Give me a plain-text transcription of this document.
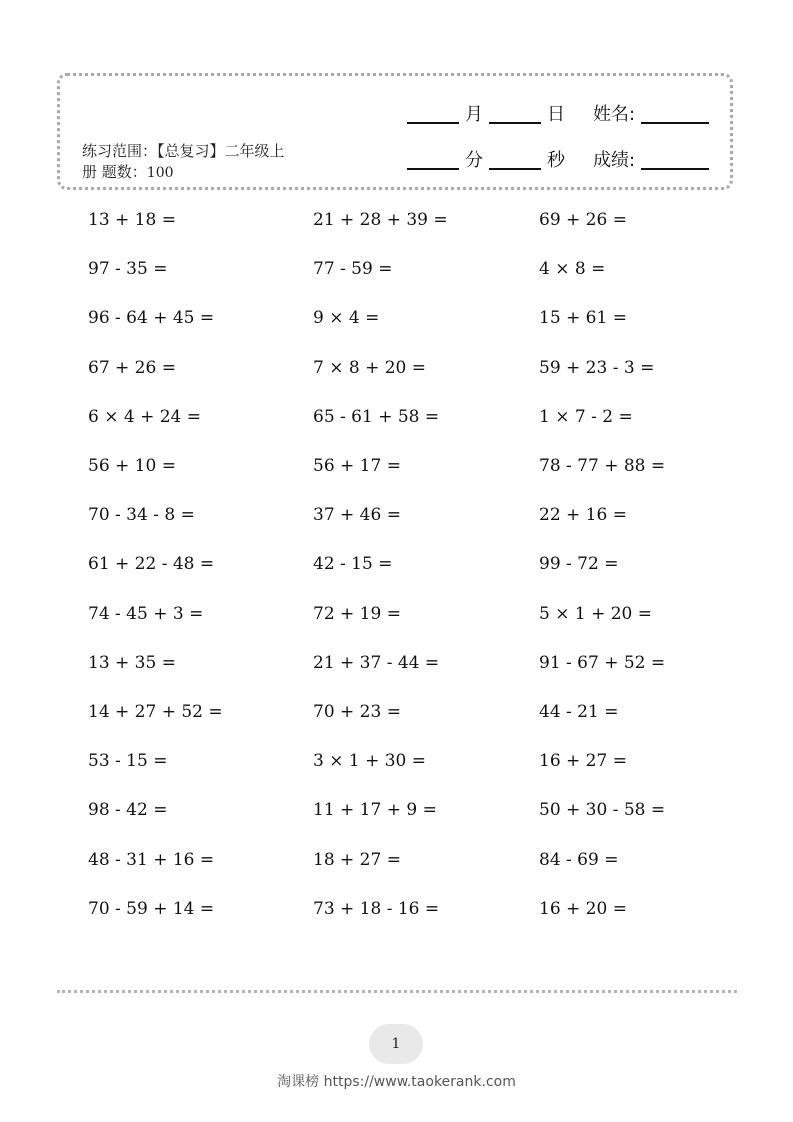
练习范围：【总复习】二年级上
册 题数：100
月	日 姓名:
分	秒 成绩:
13 + 18 =
97 - 35 =
96 - 64 + 45 =
67 + 26 =
6 × 4 + 24 =
56 + 10 =
70 - 34 - 8 =
61 + 22 - 48 =
74 - 45 + 3 =
13 + 35 =
14 + 27 + 52 =
53 - 15 =
98 - 42 =
48 - 31 + 16 =
70 - 59 + 14 =
21 + 28 + 39 =
77 - 59 =
9 × 4 =
7 × 8 + 20 =
65 - 61 + 58 =
56 + 17 =
37 + 46 =
42 - 15 =
72 + 19 =
21 + 37 - 44 =
70 + 23 =
3 × 1 + 30 =
11 + 17 + 9 =
18 + 27 =
73 + 18 - 16 =
69 + 26 =
4 × 8 =
15 + 61 =
59 + 23 - 3 =
1 × 7 - 2 =
78 - 77 + 88 =
22 + 16 =
99 - 72 =
5 × 1 + 20 =
91 - 67 + 52 =
44 - 21 =
16 + 27 =
50 + 30 - 58 =
84 - 69 =
16 + 20 =
1
淘课榜 https://www.taokerank.com
